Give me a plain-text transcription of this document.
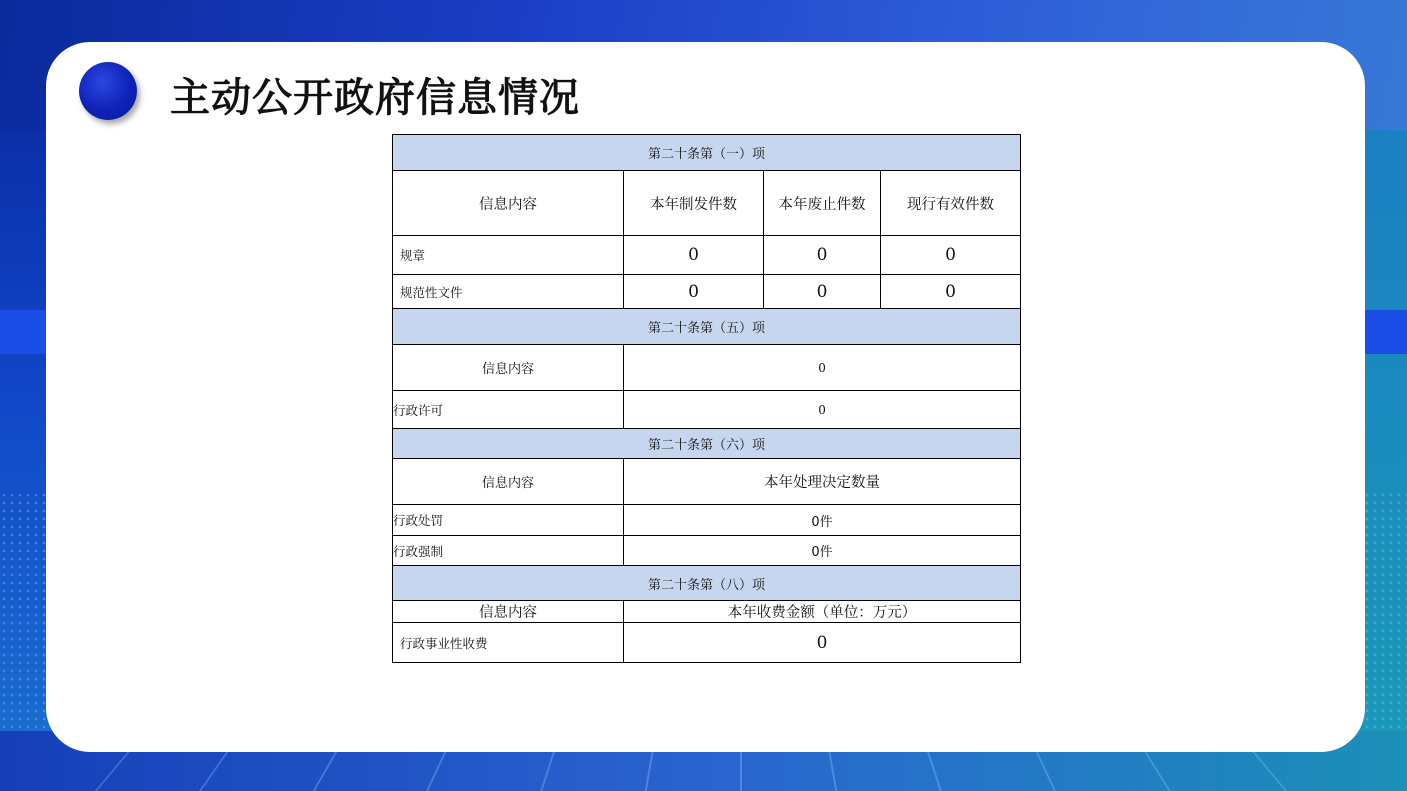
主动公开政府信息情况
第二十条第（一）项			
信息内容	本年制发件数	本年废止件数	现行有效件数
规章	0	0	0
规范性文件	0	0	0
第二十条第（五）项			
信息内容	0		
行政许可	0		
第二十条第（六）项			
信息内容	本年处理决定数量		
行政处罚	0件		
行政强制	0件		
第二十条第（八）项			
信息内容	本年收费金额（单位：万元）		
行政事业性收费	0		
